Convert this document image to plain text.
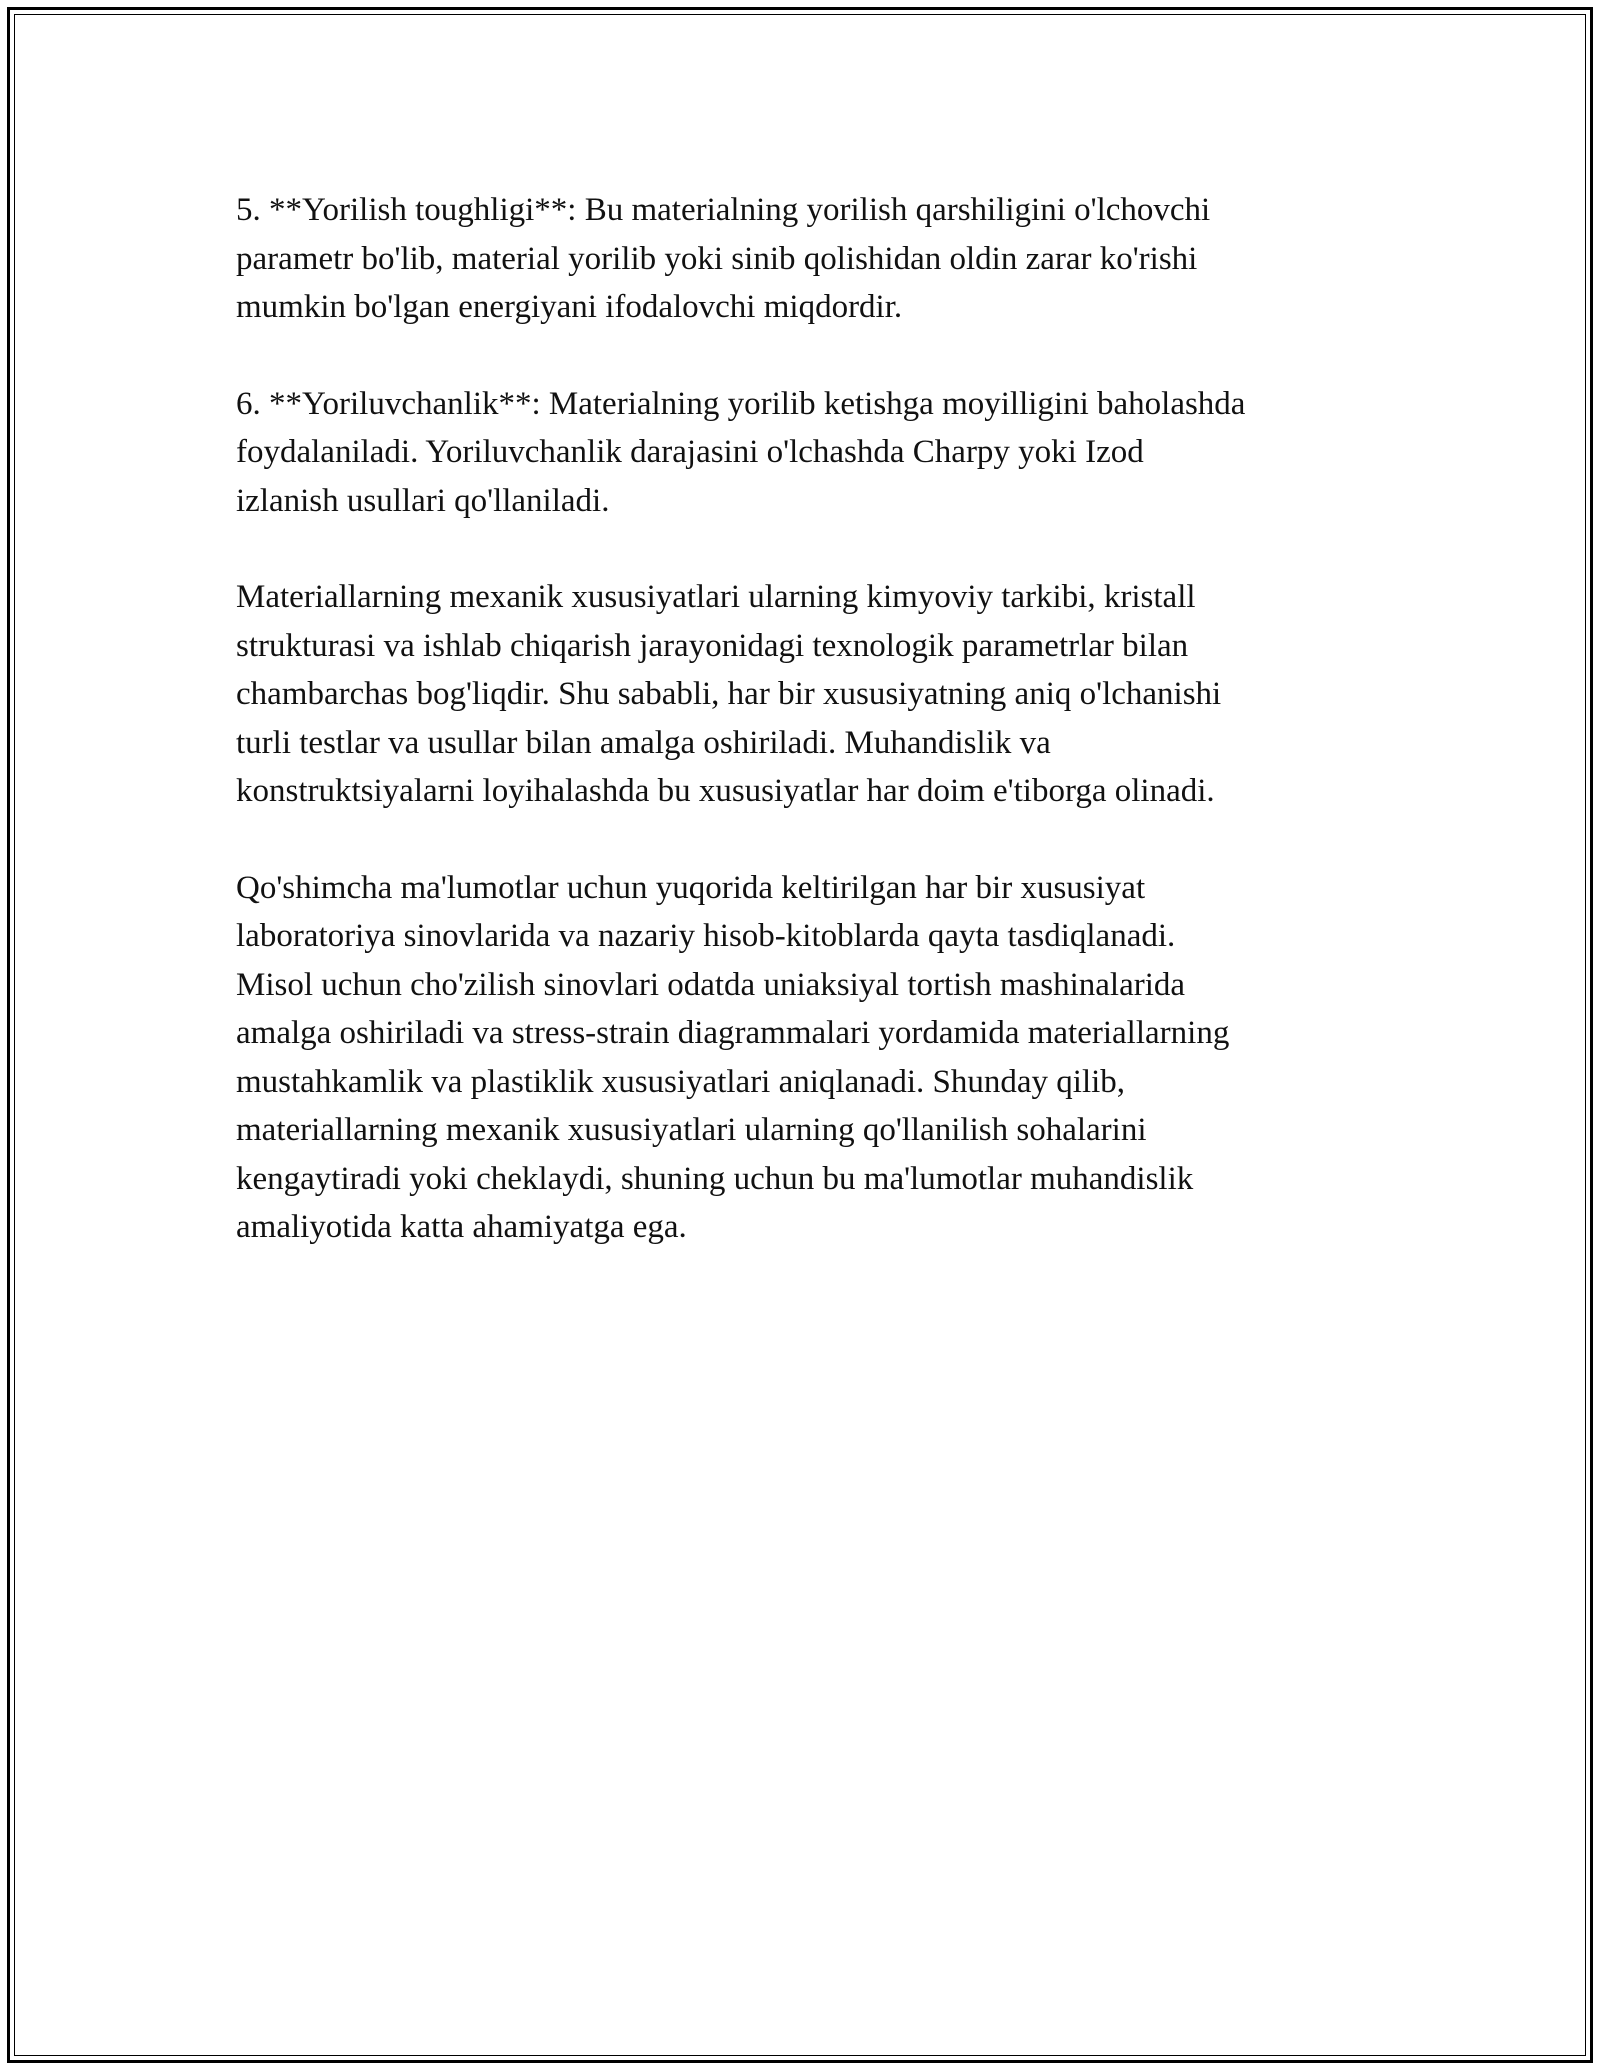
5. **Yorilish toughligi**: Bu materialning yorilish qarshiligini o'lchovchi
parametr bo'lib, material yorilib yoki sinib qolishidan oldin zarar ko'rishi
mumkin bo'lgan energiyani ifodalovchi miqdordir.

6. **Yoriluvchanlik**: Materialning yorilib ketishga moyilligini baholashda
foydalaniladi. Yoriluvchanlik darajasini o'lchashda Charpy yoki Izod
izlanish usullari qo'llaniladi.

Materiallarning mexanik xususiyatlari ularning kimyoviy tarkibi, kristall
strukturasi va ishlab chiqarish jarayonidagi texnologik parametrlar bilan
chambarchas bog'liqdir. Shu sababli, har bir xususiyatning aniq o'lchanishi
turli testlar va usullar bilan amalga oshiriladi. Muhandislik va
konstruktsiyalarni loyihalashda bu xususiyatlar har doim e'tiborga olinadi.

Qo'shimcha ma'lumotlar uchun yuqorida keltirilgan har bir xususiyat
laboratoriya sinovlarida va nazariy hisob-kitoblarda qayta tasdiqlanadi.
Misol uchun cho'zilish sinovlari odatda uniaksiyal tortish mashinalarida
amalga oshiriladi va stress-strain diagrammalari yordamida materiallarning
mustahkamlik va plastiklik xususiyatlari aniqlanadi. Shunday qilib,
materiallarning mexanik xususiyatlari ularning qo'llanilish sohalarini
kengaytiradi yoki cheklaydi, shuning uchun bu ma'lumotlar muhandislik
amaliyotida katta ahamiyatga ega.
